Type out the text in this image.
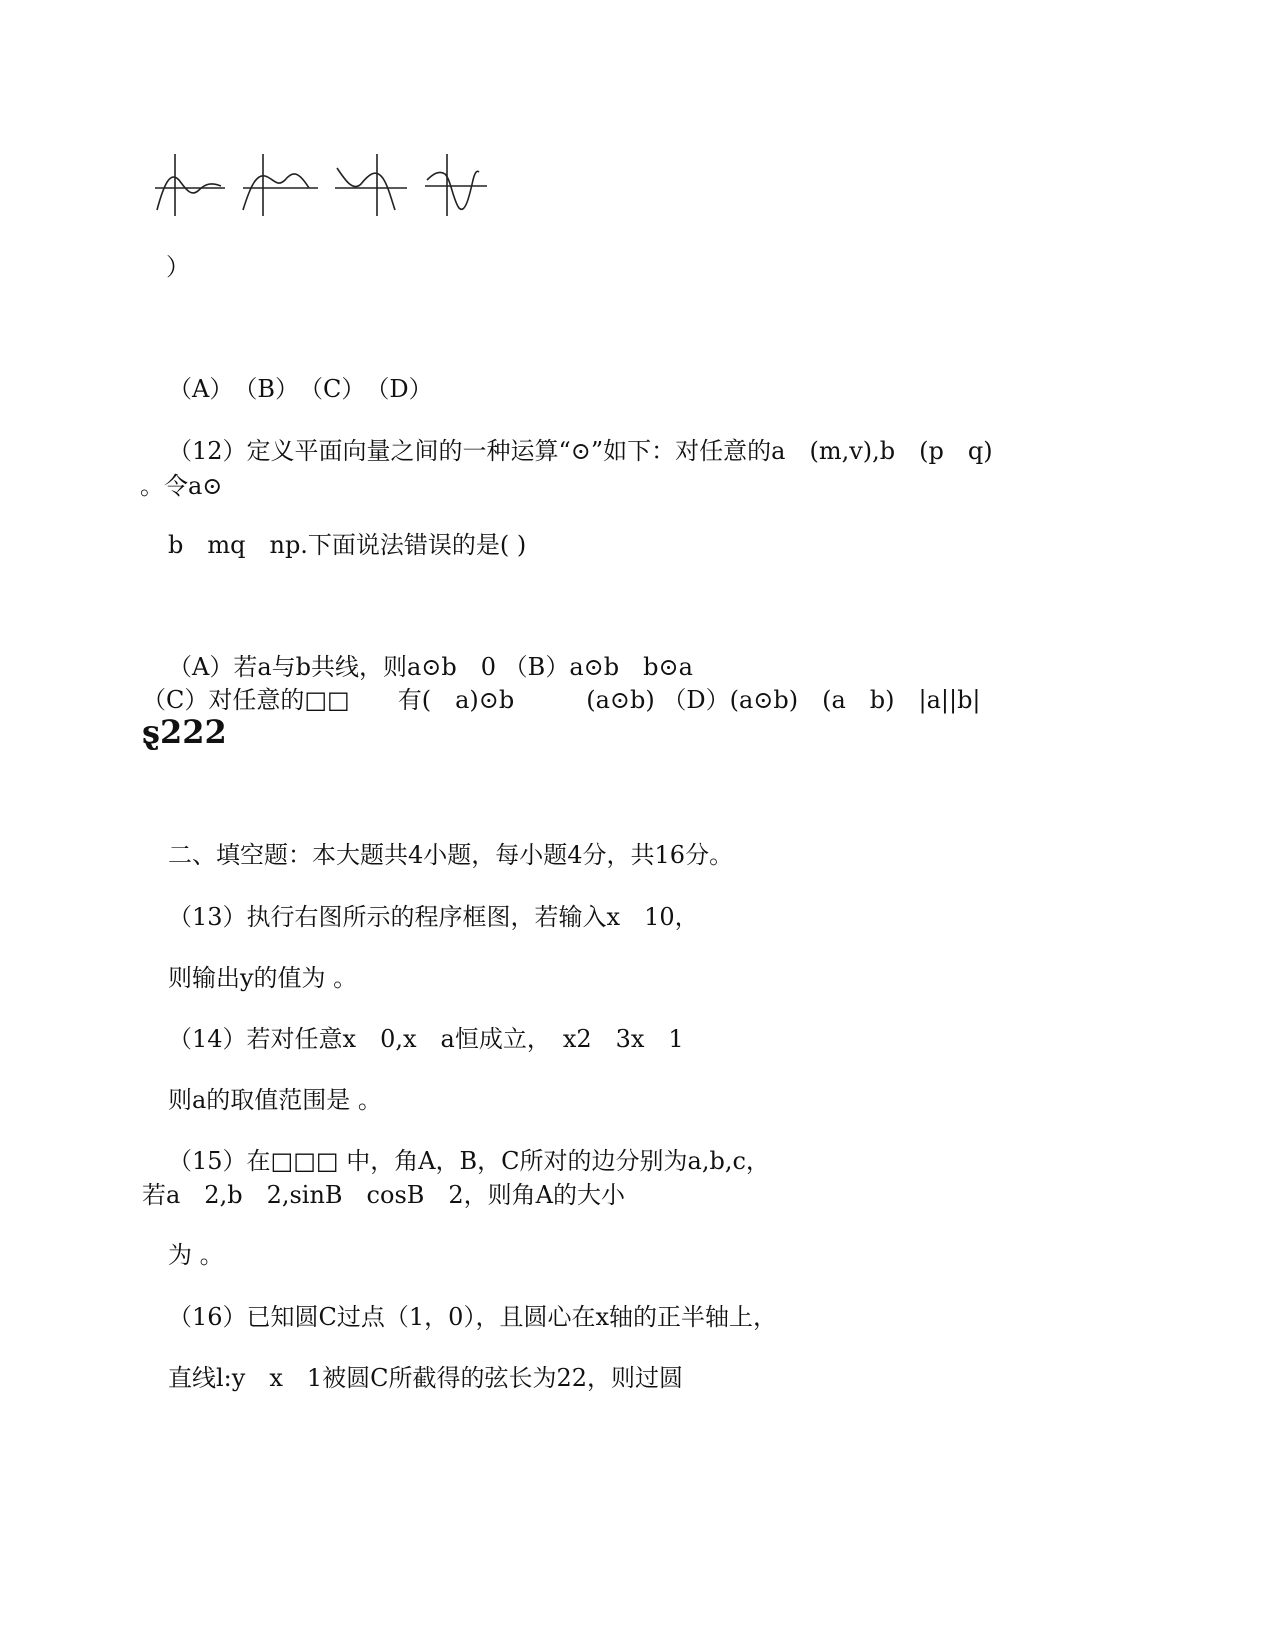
）
（A）　（B）　（C）　（D）
（12）定义平面向量之间的一种运算“⊙”如下：对任意的a　(m,v),b　(p　q)
。令a⊙
b　mq　np.下面说法错误的是( )
（A）若a与b共线，则a⊙b　0 （B）a⊙b　b⊙a
（C）对任意的⁠□□　　有(　a)⊙b　　　(a⊙b) （D）(a⊙b)　(a　b)　|a||b|
ȿ222
二、填空题：本大题共4小题，每小题4分，共16分。
（13）执行右图所示的程序框图，若输入x　10，
则输出y的值为 。
（14）若对任意x　0,x　a恒成立，　x2　3x　1
则a的取值范围是 。
（15）在⁠□□□ 中，角A，B，C所对的边分别为a,b,c，
若a　2,b　2,sinB　cosB　2，则角A的大小
为 。
（16）已知圆C过点（1，0），且圆心在x轴的正半轴上，
直线l:y　x　1被圆C所截得的弦长为22，则过圆
